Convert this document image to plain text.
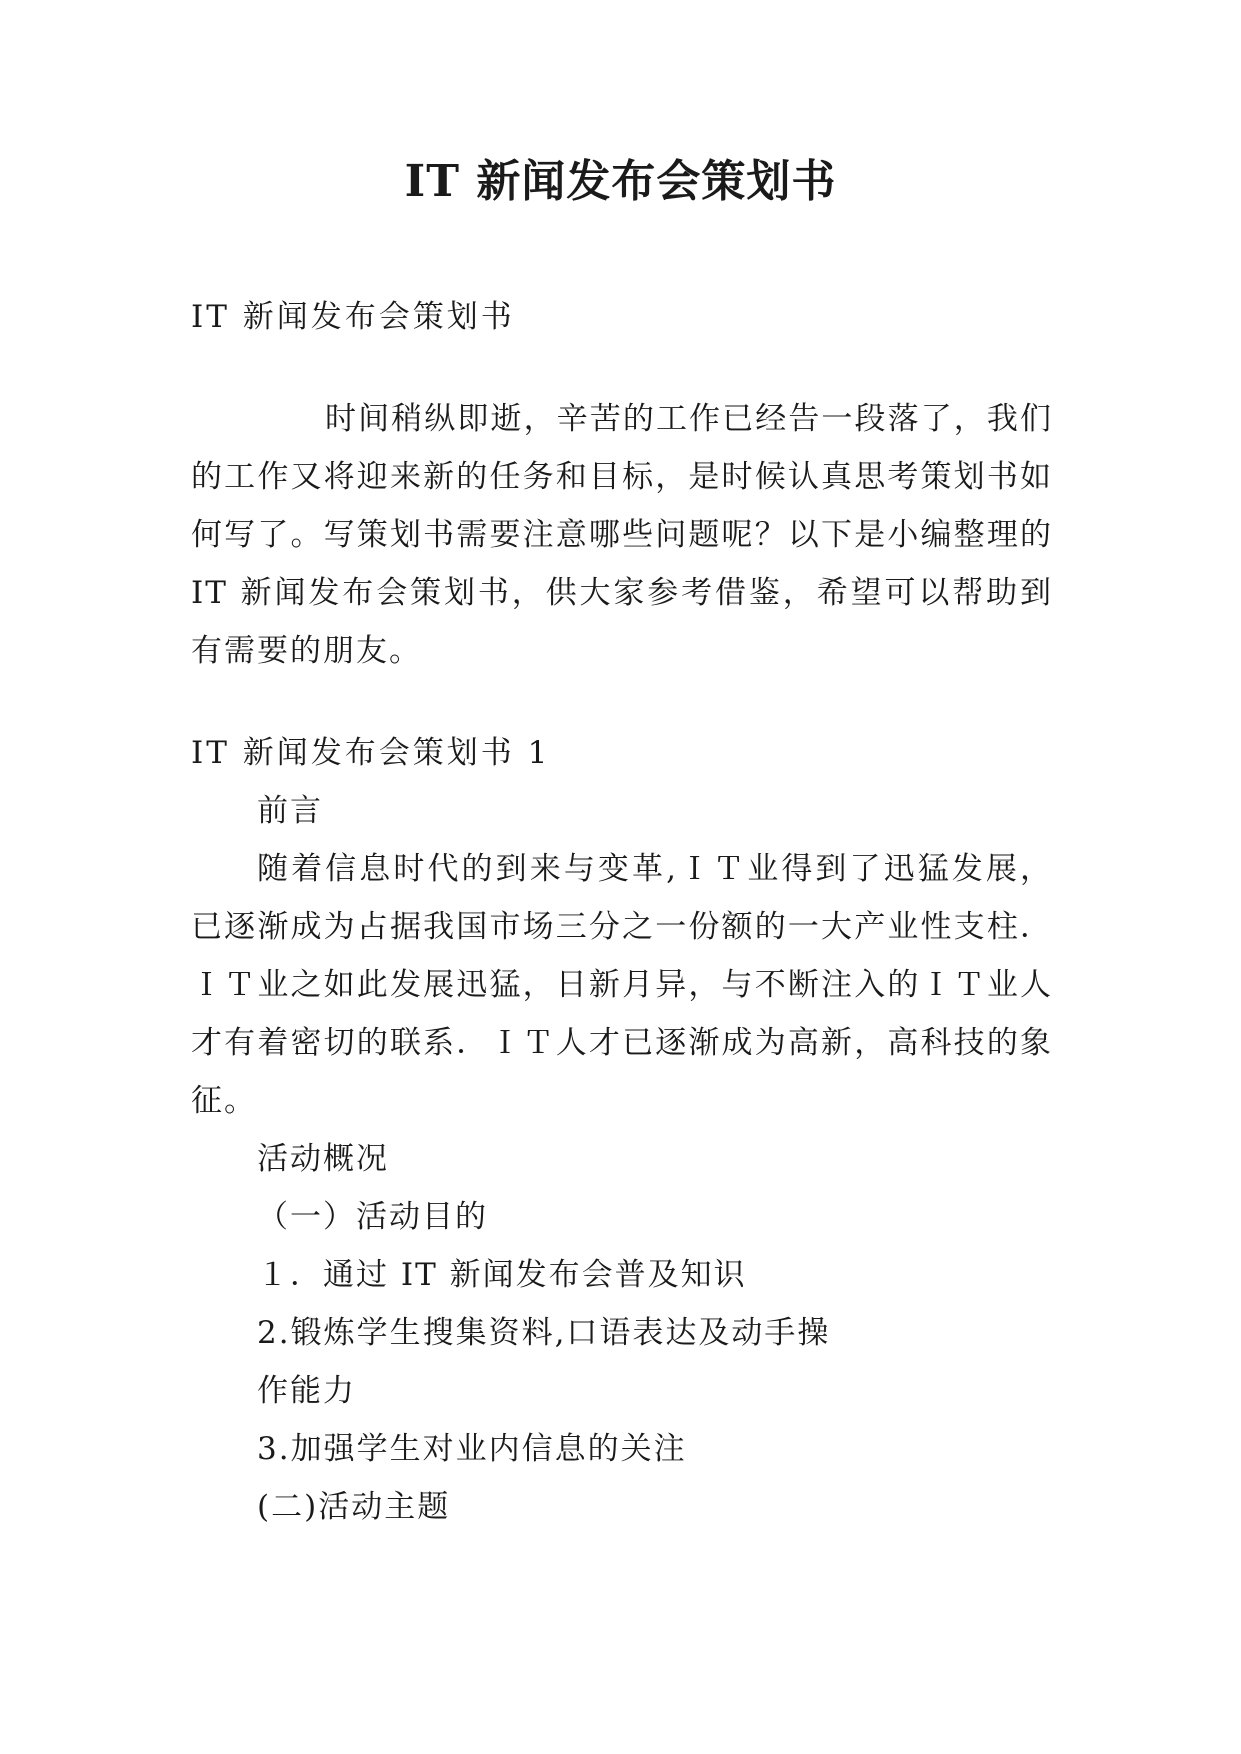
IT 新闻发布会策划书

IT 新闻发布会策划书

时间稍纵即逝，辛苦的工作已经告一段落了，我们的工作又将迎来新的任务和目标，是时候认真思考策划书如何写了。写策划书需要注意哪些问题呢？以下是小编整理的IT 新闻发布会策划书，供大家参考借鉴，希望可以帮助到有需要的朋友。

IT 新闻发布会策划书 1

前言

随着信息时代的到来与变革,ＩＴ业得到了迅猛发展，已逐渐成为占据我国市场三分之一份额的一大产业性支柱．ＩＴ业之如此发展迅猛，日新月异，与不断注入的ＩＴ业人才有着密切的联系．ＩＴ人才已逐渐成为高新，高科技的象征。

活动概况

（一）活动目的

１．通过 IT 新闻发布会普及知识

2.锻炼学生搜集资料,口语表达及动手操

作能力

3.加强学生对业内信息的关注

(二)活动主题
